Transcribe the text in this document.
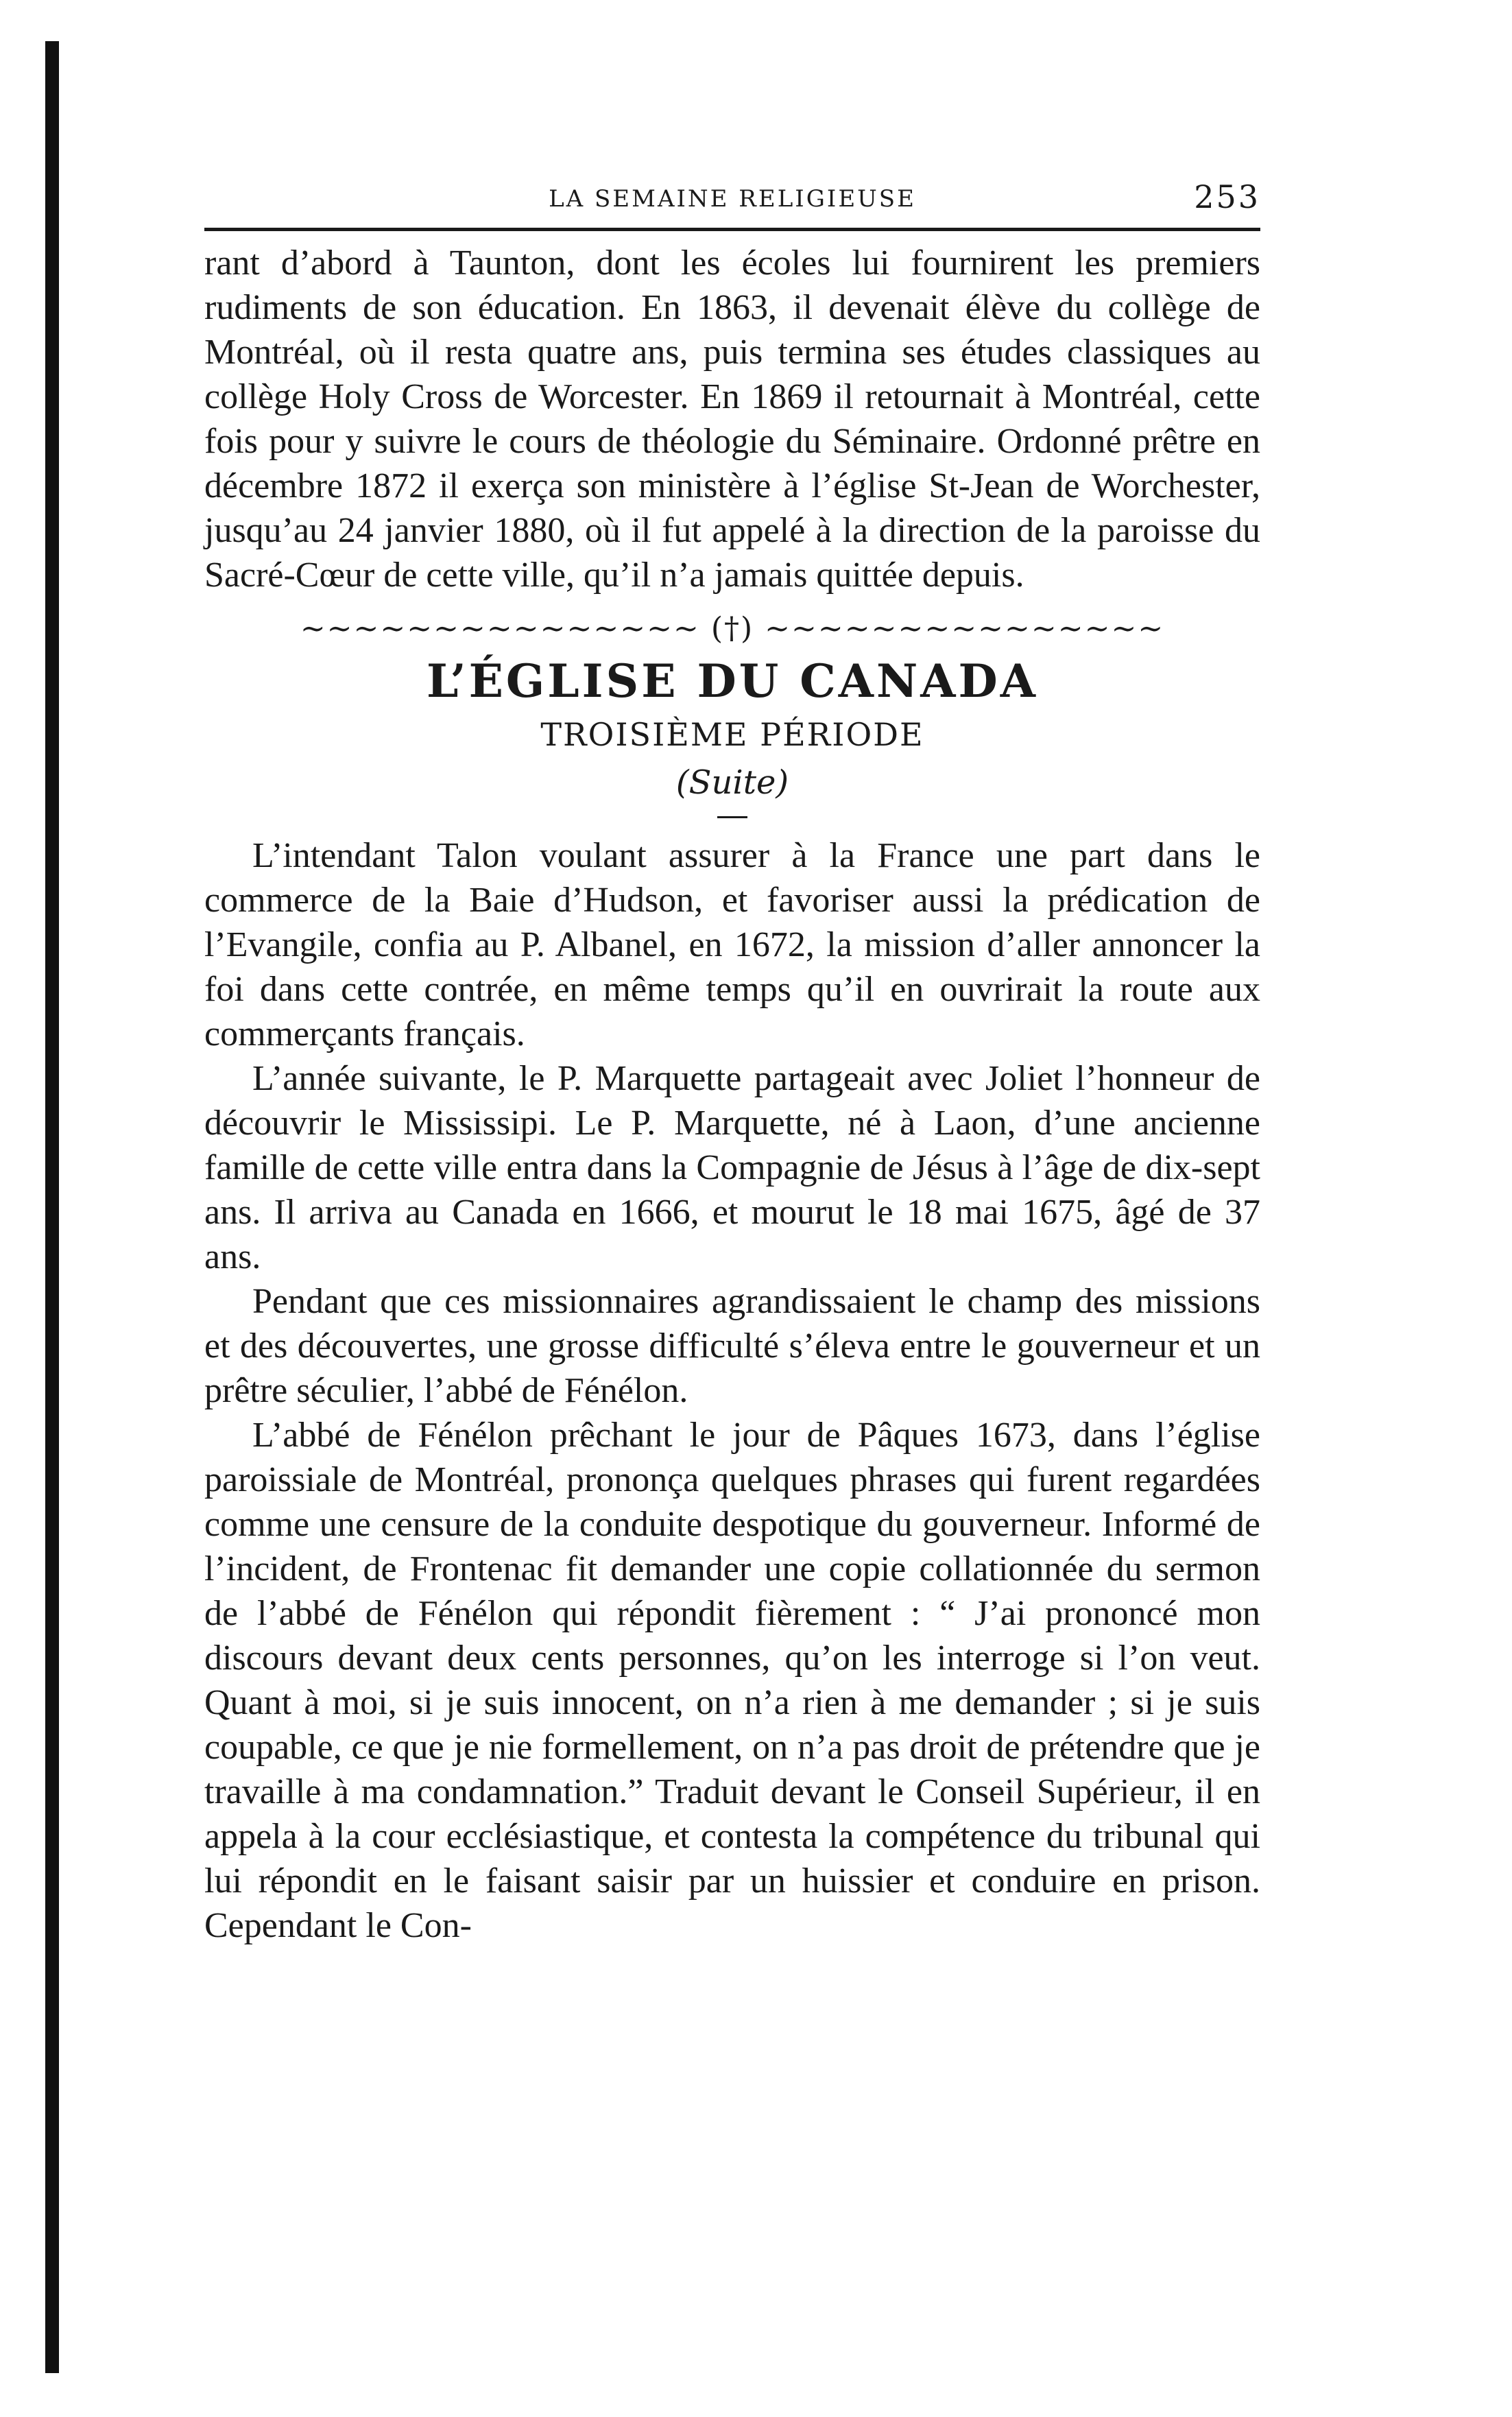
LA SEMAINE RELIGIEUSE	253

rant d’abord à Taunton, dont les écoles lui fournirent les premiers rudiments de son éducation. En 1863, il devenait élève du collège de Montréal, où il resta quatre ans, puis termina ses études classiques au collège Holy Cross de Worcester. En 1869 il retournait à Montréal, cette fois pour y suivre le cours de théologie du Séminaire. Ordonné prêtre en décembre 1872 il exerça son ministère à l’église St-Jean de Worchester, jusqu’au 24 janvier 1880, où il fut appelé à la direction de la paroisse du Sacré-Cœur de cette ville, qu’il n’a jamais quittée depuis.

~~~~~~~~~~~~~~~ (†) ~~~~~~~~~~~~~~~
L’ÉGLISE DU CANADA

TROISIÈME PÉRIODE

(Suite)

L’intendant Talon voulant assurer à la France une part dans le commerce de la Baie d’Hudson, et favoriser aussi la prédication de l’Evangile, confia au P. Albanel, en 1672, la mission d’aller annoncer la foi dans cette contrée, en même temps qu’il en ouvrirait la route aux commerçants français.

L’année suivante, le P. Marquette partageait avec Joliet l’honneur de découvrir le Mississipi. Le P. Marquette, né à Laon, d’une ancienne famille de cette ville entra dans la Compagnie de Jésus à l’âge de dix-sept ans. Il arriva au Canada en 1666, et mourut le 18 mai 1675, âgé de 37 ans.

Pendant que ces missionnaires agrandissaient le champ des missions et des découvertes, une grosse difficulté s’éleva entre le gouverneur et un prêtre séculier, l’abbé de Fénélon.

L’abbé de Fénélon prêchant le jour de Pâques 1673, dans l’église paroissiale de Montréal, prononça quelques phrases qui furent regardées comme une censure de la conduite despotique du gouverneur. Informé de l’incident, de Frontenac fit demander une copie collationnée du sermon de l’abbé de Fénélon qui répondit fièrement : “ J’ai prononcé mon discours devant deux cents personnes, qu’on les interroge si l’on veut. Quant à moi, si je suis innocent, on n’a rien à me demander ; si je suis coupable, ce que je nie formellement, on n’a pas droit de prétendre que je travaille à ma condamnation.” Traduit devant le Conseil Supérieur, il en appela à la cour ecclésiastique, et contesta la compétence du tribunal qui lui répondit en le faisant saisir par un huissier et conduire en prison. Cependant le Con-
